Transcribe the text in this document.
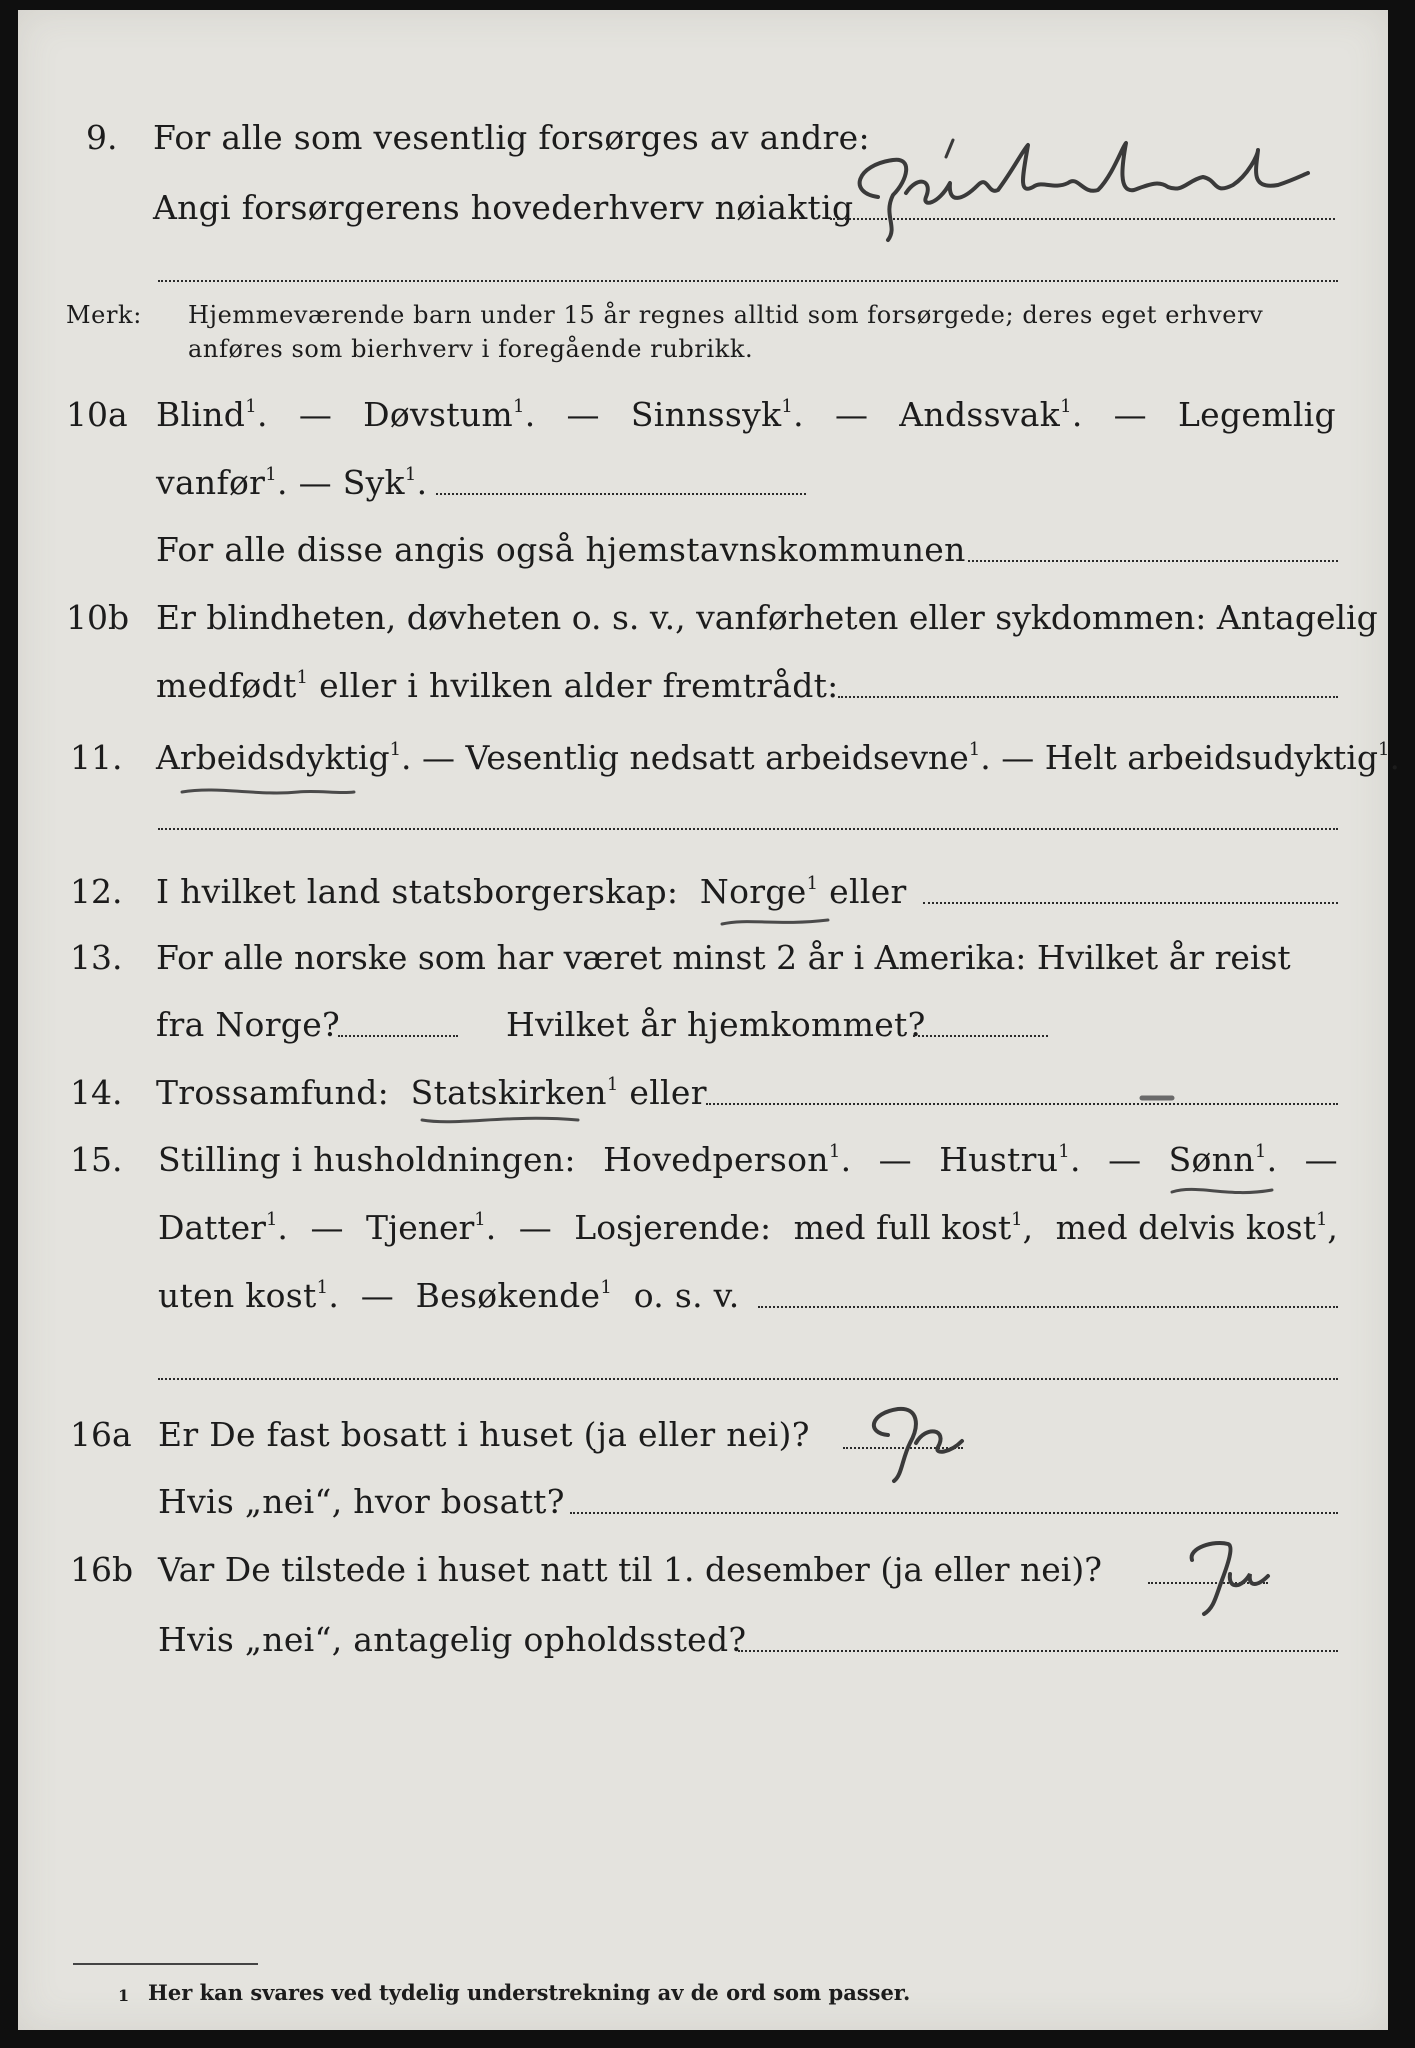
9. For alle som vesentlig forsørges av andre:
Angi forsørgerens hovederhverv nøiaktig
Merk: Hjemmeværende barn under 15 år regnes alltid som forsørgede; deres eget erhverv
anføres som bierhverv i foregående rubrikk.
10a Blind$^1$. — Døvstum$^1$. — Sinnssyk$^1$. — Andssvak$^1$. — Legemlig
vanfør$^1$. — Syk$^1$.
For alle disse angis også hjemstavnskommunen
10b Er blindheten, døvheten o. s. v., vanførheten eller sykdommen: Antagelig
medfødt$^1$ eller i hvilken alder fremtrådt:
11. Arbeidsdyktig$^1$. — Vesentlig nedsatt arbeidsevne$^1$. — Helt arbeidsudyktig$^1$.
12. I hvilket land statsborgerskap: Norge$^1$ eller
13. For alle norske som har været minst 2 år i Amerika: Hvilket år reist
fra Norge?	Hvilket år hjemkommet?
14. Trossamfund: Statskirken$^1$ eller
15. Stilling i husholdningen: Hovedperson$^1$. — Hustru$^1$. — Sønn$^1$. —
Datter$^1$. — Tjener$^1$. — Losjerende: med full kost$^1$, med delvis kost$^1$,
uten kost$^1$.  — Besøkende$^1$ o. s. v.
16a Er De fast bosatt i huset (ja eller nei)?
Hvis „nei“, hvor bosatt?
16b Var De tilstede i huset natt til 1. desember (ja eller nei)?
Hvis „nei“, antagelig opholdssted?
1 Her kan svares ved tydelig understrekning av de ord som passer.
